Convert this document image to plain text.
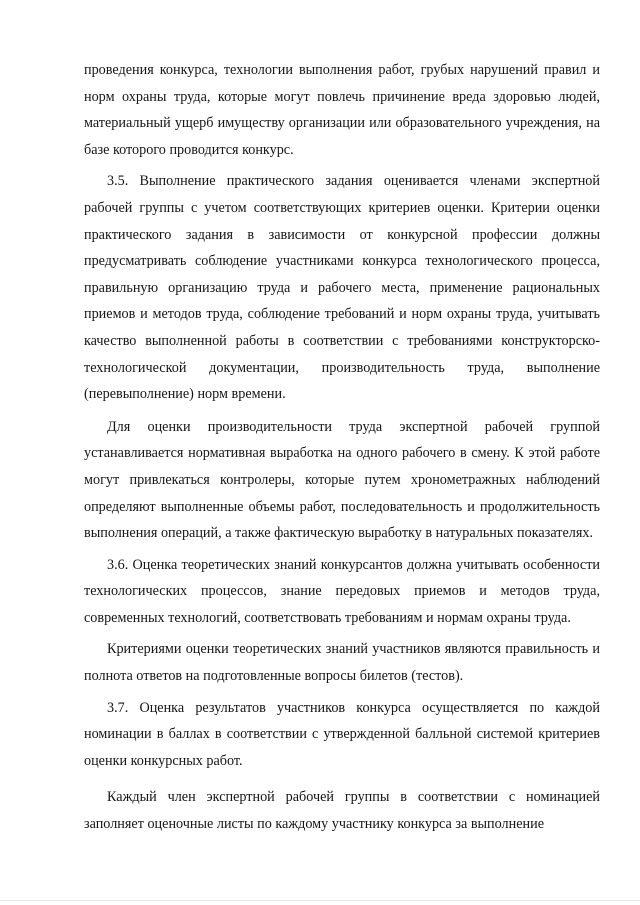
проведения конкурса, технологии выполнения работ, грубых нарушений правил и норм охраны труда, которые могут повлечь причинение вреда здоровью людей, материальный ущерб имуществу организации или образовательного учреждения, на базе которого проводится конкурс.

3.5. Выполнение практического задания оценивается членами экспертной рабочей группы с учетом соответствующих критериев оценки. Критерии оценки практического задания в зависимости от конкурсной профессии должны предусматривать соблюдение участниками конкурса технологического процесса, правильную организацию труда и рабочего места, применение рациональных приемов и методов труда, соблюдение требований и норм охраны труда, учитывать качество выполненной работы в соответствии с требованиями конструкторско-технологической документации, производительность труда, выполнение (перевыполнение) норм времени.

Для оценки производительности труда экспертной рабочей группой устанавливается нормативная выработка на одного рабочего в смену. К этой работе могут привлекаться контролеры, которые путем хронометражных наблюдений определяют выполненные объемы работ, последовательность и продолжительность выполнения операций, а также фактическую выработку в натуральных показателях.

3.6. Оценка теоретических знаний конкурсантов должна учитывать особенности технологических процессов, знание передовых приемов и методов труда, современных технологий, соответствовать требованиям и нормам охраны труда.

Критериями оценки теоретических знаний участников являются правильность и полнота ответов на подготовленные вопросы билетов (тестов).

3.7. Оценка результатов участников конкурса осуществляется по каждой номинации в баллах в соответствии с утвержденной балльной системой критериев оценки конкурсных работ.

Каждый член экспертной рабочей группы в соответствии с номинацией заполняет оценочные листы по каждому участнику конкурса за выполнение
